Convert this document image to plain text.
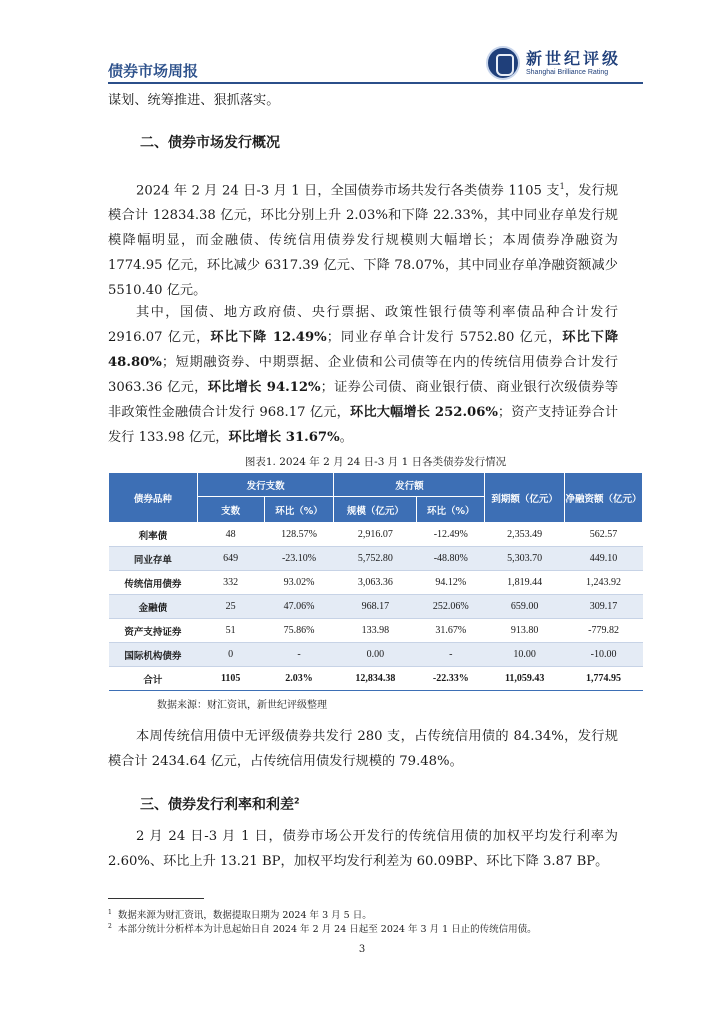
债券市场周报
新世纪评级
Shanghai Brilliance Rating
谋划、统筹推进、狠抓落实。
二、债券市场发行概况
2024 年 2 月 24 日-3 月 1 日，全国债券市场共发行各类债券 1105 支$^1$，发行规模合计 12834.38 亿元，环比分别上升 2.03%和下降 22.33%，其中同业存单发行规模降幅明显，而金融债、传统信用债券发行规模则大幅增长；本周债券净融资为 1774.95 亿元，环比减少 6317.39 亿元、下降 78.07%，其中同业存单净融资额减少 5510.40 亿元。
其中，国债、地方政府债、央行票据、政策性银行债等利率债品种合计发行 2916.07 亿元，环比下降 12.49%；同业存单合计发行 5752.80 亿元，环比下降 48.80%；短期融资券、中期票据、企业债和公司债等在内的传统信用债券合计发行 3063.36 亿元，环比增长 94.12%；证券公司债、商业银行债、商业银行次级债券等非政策性金融债合计发行 968.17 亿元，环比大幅增长 252.06%；资产支持证券合计发行 133.98 亿元，环比增长 31.67%。
图表1. 2024 年 2 月 24 日-3 月 1 日各类债券发行情况
债券品种	发行支数		发行额		到期额（亿元）	净融资额（亿元）
	支数	环比（%）	规模（亿元）	环比（%）		
利率债	48	128.57%	2,916.07	-12.49%	2,353.49	562.57
同业存单	649	-23.10%	5,752.80	-48.80%	5,303.70	449.10
传统信用债券	332	93.02%	3,063.36	94.12%	1,819.44	1,243.92
金融债	25	47.06%	968.17	252.06%	659.00	309.17
资产支持证券	51	75.86%	133.98	31.67%	913.80	-779.82
国际机构债券	0	-	0.00	-	10.00	-10.00
合计	1105	2.03%	12,834.38	-22.33%	11,059.43	1,774.95
数据来源：财汇资讯，新世纪评级整理
本周传统信用债中无评级债券共发行 280 支，占传统信用债的 84.34%，发行规模合计 2434.64 亿元，占传统信用债发行规模的 79.48%。
三、债券发行利率和利差$^2$
2 月 24 日-3 月 1 日，债券市场公开发行的传统信用债的加权平均发行利率为 2.60%、环比上升 13.21 BP，加权平均发行利差为 60.09BP、环比下降 3.87 BP。
$^1$ 数据来源为财汇资讯，数据提取日期为 2024 年 3 月 5 日。
$^2$ 本部分统计分析样本为计息起始日自 2024 年 2 月 24 日起至 2024 年 3 月 1 日止的传统信用债。
3
